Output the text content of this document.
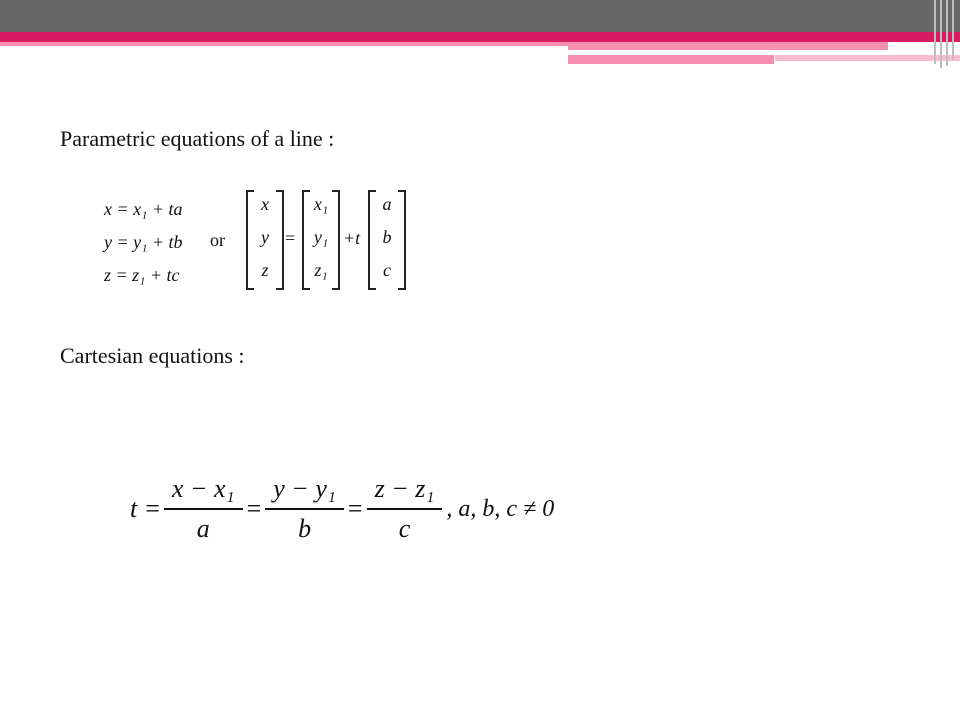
Parametric equations of a line :
x = x₁ + ta
y = y₁ + tb
z = z₁ + tc
or
x
y
z
=
x₁
y₁
z₁
+t
a
b
c
Cartesian equations :
$t = \frac{\text{x − x₁}}{a} = \frac{\text{y − y₁}}{b} = \frac{\text{z − z₁}}{c}$ , a, b, c ≠ 0
